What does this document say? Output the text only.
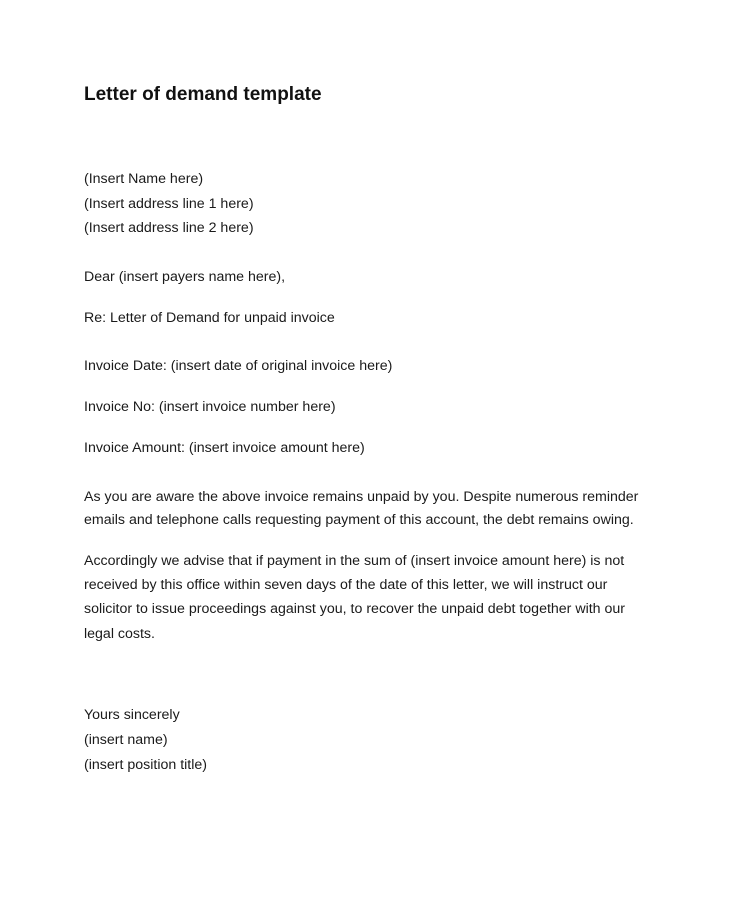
Letter of demand template

(Insert Name here)

(Insert address line 1 here)

(Insert address line 2 here)

Dear (insert payers name here),

Re: Letter of Demand for unpaid invoice

Invoice Date: (insert date of original invoice here)

Invoice No: (insert invoice number here)

Invoice Amount: (insert invoice amount here)

As you are aware the above invoice remains unpaid by you. Despite numerous reminder

emails and telephone calls requesting payment of this account, the debt remains owing.

Accordingly we advise that if payment in the sum of (insert invoice amount here) is not

received by this office within seven days of the date of this letter, we will instruct our

solicitor to issue proceedings against you, to recover the unpaid debt together with our

legal costs.

Yours sincerely

(insert name)

(insert position title)
